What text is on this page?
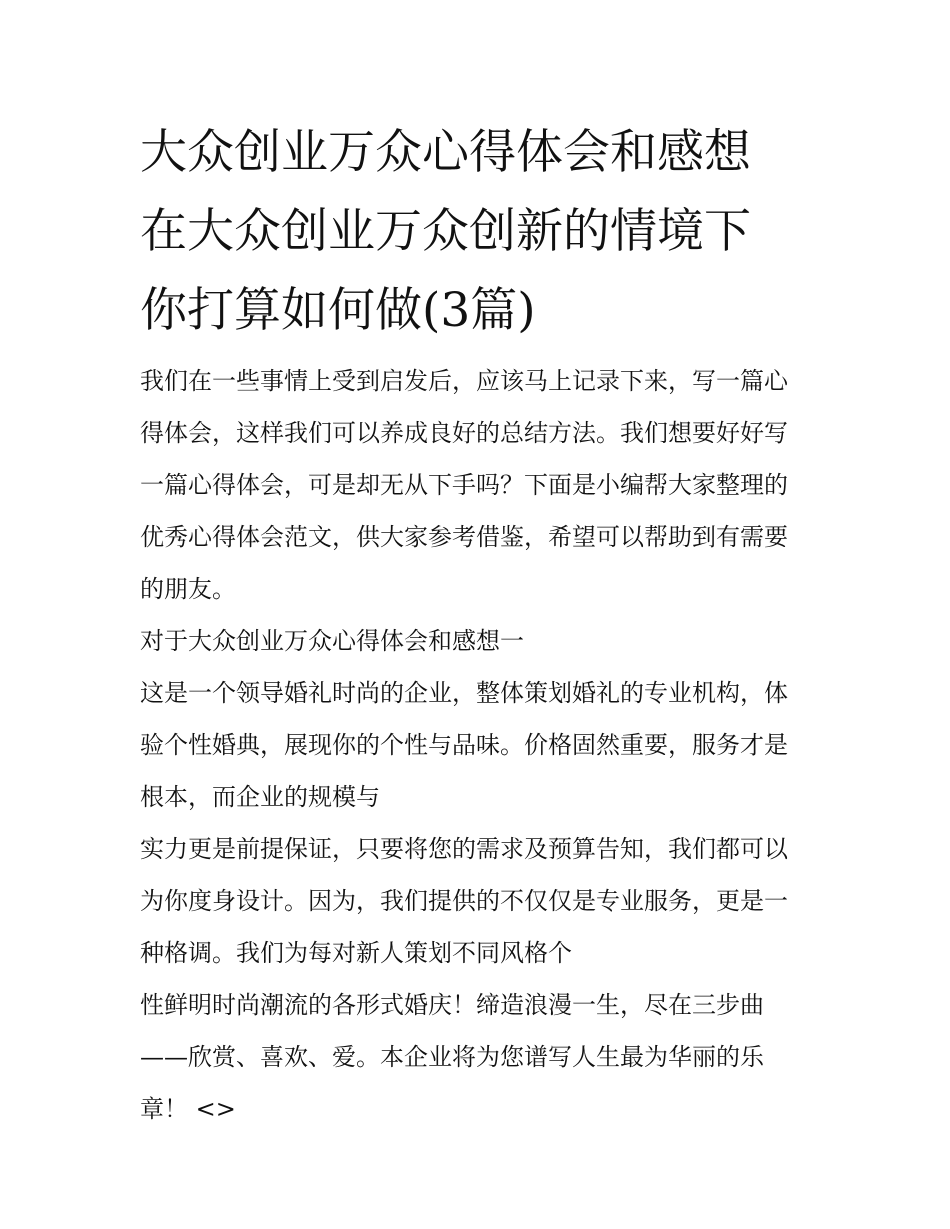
大众创业万众心得体会和感想
在大众创业万众创新的情境下
你打算如何做(3篇)

我们在一些事情上受到启发后，应该马上记录下来，写一篇心
得体会，这样我们可以养成良好的总结方法。我们想要好好写
一篇心得体会，可是却无从下手吗？下面是小编帮大家整理的
优秀心得体会范文，供大家参考借鉴，希望可以帮助到有需要
的朋友。

对于大众创业万众心得体会和感想一

这是一个领导婚礼时尚的企业，整体策划婚礼的专业机构，体
验个性婚典，展现你的个性与品味。价格固然重要，服务才是
根本，而企业的规模与

实力更是前提保证，只要将您的需求及预算告知，我们都可以
为你度身设计。因为，我们提供的不仅仅是专业服务，更是一
种格调。我们为每对新人策划不同风格个

性鲜明时尚潮流的各形式婚庆！缔造浪漫一生，尽在三步曲
——欣赏、喜欢、爱。本企业将为您谱写人生最为华丽的乐
章！ <>
